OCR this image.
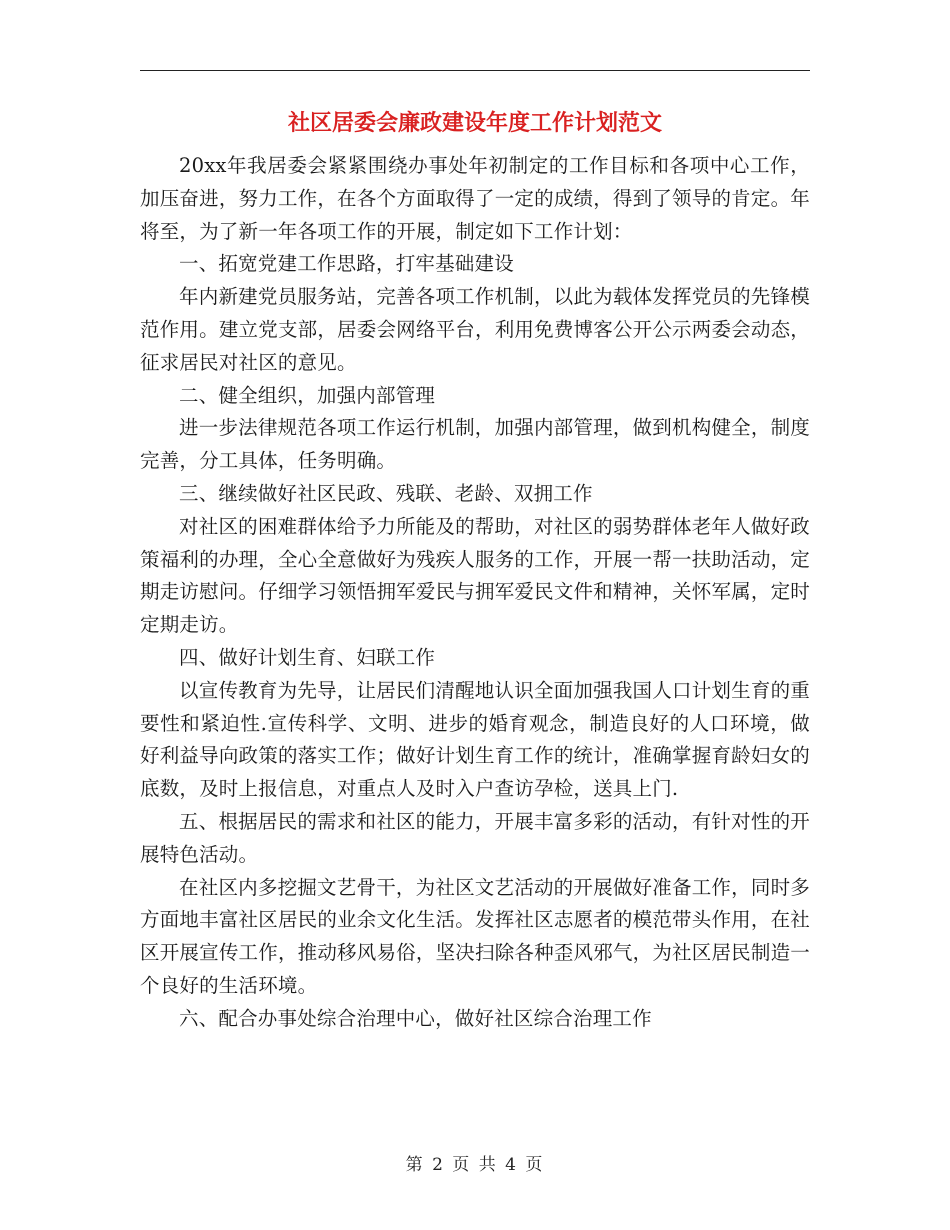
社区居委会廉政建设年度工作计划范文

20xx年我居委会紧紧围绕办事处年初制定的工作目标和各项中心工作，加压奋进，努力工作，在各个方面取得了一定的成绩，得到了领导的肯定。年将至，为了新一年各项工作的开展，制定如下工作计划：

一、拓宽党建工作思路，打牢基础建设

年内新建党员服务站，完善各项工作机制，以此为载体发挥党员的先锋模范作用。建立党支部，居委会网络平台，利用免费博客公开公示两委会动态，征求居民对社区的意见。

二、健全组织，加强内部管理

进一步法律规范各项工作运行机制，加强内部管理，做到机构健全，制度完善，分工具体，任务明确。

三、继续做好社区民政、残联、老龄、双拥工作

对社区的困难群体给予力所能及的帮助，对社区的弱势群体老年人做好政策福利的办理，全心全意做好为残疾人服务的工作，开展一帮一扶助活动，定期走访慰问。仔细学习领悟拥军爱民与拥军爱民文件和精神，关怀军属，定时定期走访。

四、做好计划生育、妇联工作

以宣传教育为先导，让居民们清醒地认识全面加强我国人口计划生育的重要性和紧迫性.宣传科学、文明、进步的婚育观念，制造良好的人口环境，做好利益导向政策的落实工作；做好计划生育工作的统计，准确掌握育龄妇女的底数，及时上报信息，对重点人及时入户查访孕检，送具上门.

五、根据居民的需求和社区的能力，开展丰富多彩的活动，有针对性的开展特色活动。

在社区内多挖掘文艺骨干，为社区文艺活动的开展做好准备工作，同时多方面地丰富社区居民的业余文化生活。发挥社区志愿者的模范带头作用，在社区开展宣传工作，推动移风易俗，坚决扫除各种歪风邪气，为社区居民制造一个良好的生活环境。

六、配合办事处综合治理中心，做好社区综合治理工作

第 2 页 共 4 页
